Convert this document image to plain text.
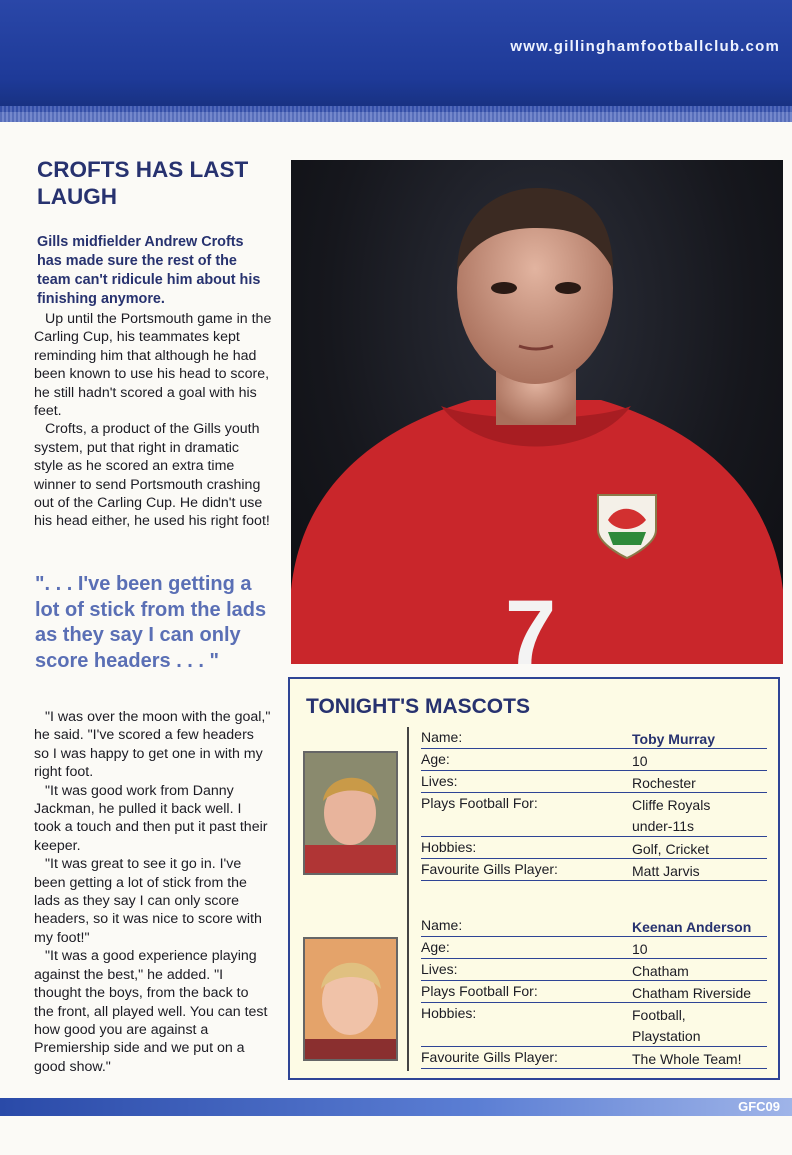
www.gillinghamfootballclub.com
CROFTS HAS LAST LAUGH

Gills midfielder Andrew Crofts has made sure the rest of the team can't ridicule him about his finishing anymore.

Up until the Portsmouth game in the Carling Cup, his teammates kept reminding him that although he had been known to use his head to score, he still hadn't scored a goal with his feet.

Crofts, a product of the Gills youth system, put that right in dramatic style as he scored an extra time winner to send Portsmouth crashing out of the Carling Cup. He didn't use his head either, he used his right foot!

". . . I've been getting a lot of stick from the lads as they say I can only score headers . . . "

"I was over the moon with the goal," he said. "I've scored a few headers so I was happy to get one in with my right foot.

"It was good work from Danny Jackman, he pulled it back well. I took a touch and then put it past their keeper.

"It was great to see it go in. I've been getting a lot of stick from the lads as they say I can only score headers, so it was nice to score with my foot!"

"It was a good experience playing against the best," he added. "I thought the boys, from the back to the front, all played well. You can test how good you are against a Premiership side and we put on a good show."

7
TONIGHT'S MASCOTS
Name:	Toby Murray
Age:	10
Lives:	Rochester
Plays Football For:	Cliffe Royals
under-11s
Hobbies:	Golf, Cricket
Favourite Gills Player:	Matt Jarvis
Name:	Keenan Anderson
Age:	10
Lives:	Chatham
Plays Football For:	Chatham Riverside
Hobbies:	Football,
Playstation
Favourite Gills Player:	The Whole Team!
GFC09
